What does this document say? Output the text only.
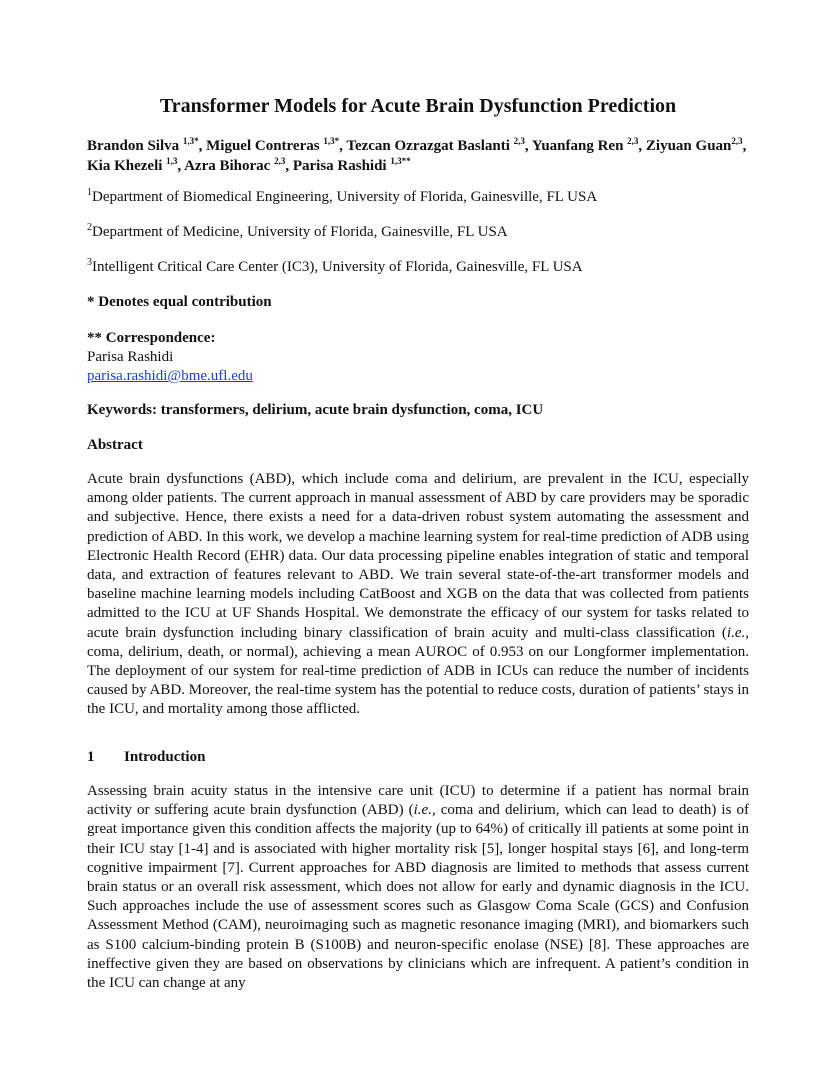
Transformer Models for Acute Brain Dysfunction Prediction
Brandon Silva $^{1,3*}$, Miguel Contreras $^{1,3*}$, Tezcan Ozrazgat Baslanti $^{2,3}$, Yuanfang Ren $^{2,3}$, Ziyuan Guan$^{2,3}$, Kia Khezeli $^{1,3}$, Azra Bihorac $^{2,3}$, Parisa Rashidi $^{1,3**}$
$^1$Department of Biomedical Engineering, University of Florida, Gainesville, FL USA
$^2$Department of Medicine, University of Florida, Gainesville, FL USA
$^3$Intelligent Critical Care Center (IC3), University of Florida, Gainesville, FL USA
* Denotes equal contribution
** Correspondence:
Parisa Rashidi
parisa.rashidi@bme.ufl.edu
Keywords: transformers, delirium, acute brain dysfunction, coma, ICU
Abstract
Acute brain dysfunctions (ABD), which include coma and delirium, are prevalent in the ICU, especially among older patients. The current approach in manual assessment of ABD by care providers may be sporadic and subjective. Hence, there exists a need for a data-driven robust system automating the assessment and prediction of ABD. In this work, we develop a machine learning system for real-time prediction of ADB using Electronic Health Record (EHR) data. Our data processing pipeline enables integration of static and temporal data, and extraction of features relevant to ABD. We train several state-of-the-art transformer models and baseline machine learning models including CatBoost and XGB on the data that was collected from patients admitted to the ICU at UF Shands Hospital. We demonstrate the efficacy of our system for tasks related to acute brain dysfunction including binary classification of brain acuity and multi-class classification (i.e., coma, delirium, death, or normal), achieving a mean AUROC of 0.953 on our Longformer implementation. The deployment of our system for real-time prediction of ADB in ICUs can reduce the number of incidents caused by ABD. Moreover, the real-time system has the potential to reduce costs, duration of patients’ stays in the ICU, and mortality among those afflicted.
1 Introduction
Assessing brain acuity status in the intensive care unit (ICU) to determine if a patient has normal brain activity or suffering acute brain dysfunction (ABD) (i.e., coma and delirium, which can lead to death) is of great importance given this condition affects the majority (up to 64%) of critically ill patients at some point in their ICU stay [1-4] and is associated with higher mortality risk [5], longer hospital stays [6], and long-term cognitive impairment [7]. Current approaches for ABD diagnosis are limited to methods that assess current brain status or an overall risk assessment, which does not allow for early and dynamic diagnosis in the ICU. Such approaches include the use of assessment scores such as Glasgow Coma Scale (GCS) and Confusion Assessment Method (CAM), neuroimaging such as magnetic resonance imaging (MRI), and biomarkers such as S100 calcium-binding protein B (S100B) and neuron-specific enolase (NSE) [8]. These approaches are ineffective given they are based on observations by clinicians which are infrequent. A patient’s condition in the ICU can change at any
